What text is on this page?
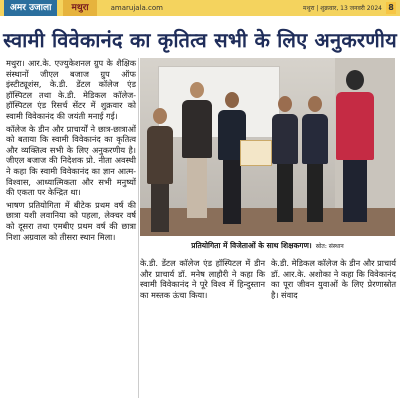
अमर उजाला	मथुरा	amarujala.com	मथुरा | शुक्रवार, 13 जनवरी 2024 8
स्वामी विवेकानंद का कृतित्व सभी के लिए अनुकरणीय

मथुरा। आर.के. एज्युकेशनल ग्रुप के शैक्षिक संस्थानों जीएल बजाज ग्रुप ऑफ इंस्टीट्यूशंस, के.डी. डेंटल कॉलेज एंड हॉस्पिटल तथा के.डी. मेडिकल कॉलेज-हॉस्पिटल एंड रिसर्च सेंटर में शुक्रवार को स्वामी विवेकानंद की जयंती मनाई गई।

कॉलेज के डीन और प्राचार्यों ने छात्र-छात्राओं को बताया कि स्वामी विवेकानंद का कृतित्व और व्यक्तित्व सभी के लिए अनुकरणीय है। जीएल बजाज की निदेशक प्रो. नीता अवस्थी ने कहा कि स्वामी विवेकानंद का ज्ञान आत्म-विश्वास, आध्यात्मिकता और सभी मनुष्यों की एकता पर केन्द्रित था।

भाषण प्रतियोगिता में बीटेक प्रथम वर्ष की छात्रा यशी लवानिया को पहला, लेक्चर वर्ष को दूसरा तथा एमबीए प्रथम वर्ष की छात्रा निशा अग्रवाल को तीसरा स्थान मिला।

प्रतियोगिता में विजेताओं के साथ शिक्षकगण। स्रोत: संस्थान

के.डी. डेंटल कॉलेज एंड हॉस्पिटल में डीन और प्राचार्य डॉ. मनेष लाहौरी ने कहा कि स्वामी विवेकानंद ने पूरे विश्व में हिन्दुस्तान का मस्तक ऊंचा किया।

के.डी. मेडिकल कॉलेज के डीन और प्राचार्य डॉ. आर.के. अशोका ने कहा कि विवेकानंद का पूरा जीवन युवाओं के लिए प्रेरणास्रोत है। संवाद
